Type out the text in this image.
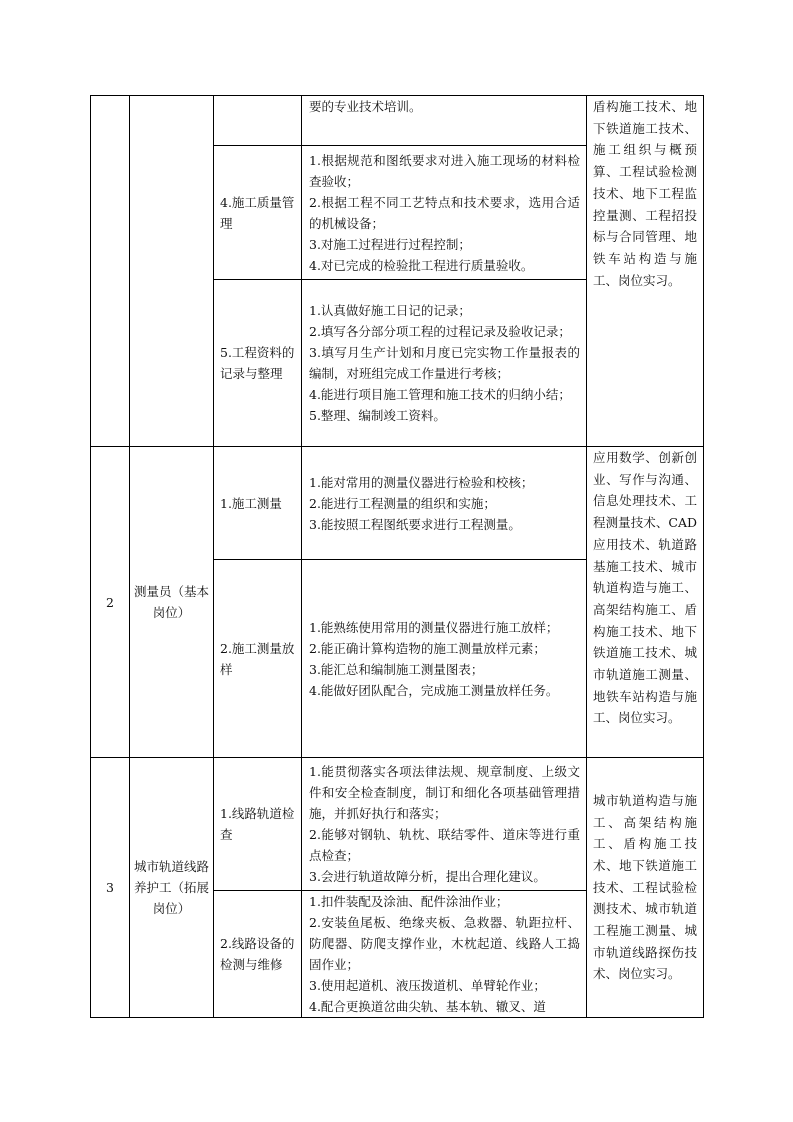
			要的专业技术培训。	盾构施工技术、地下铁道施工技术、施工组织与概预算、工程试验检测技术、地下工程监控量测、工程招投标与合同管理、地铁车站构造与施工、岗位实习。
		4.施工质量管理	1.根据规范和图纸要求对进入施工现场的材料检查验收；
2.根据工程不同工艺特点和技术要求，选用合适的机械设备；
3.对施工过程进行过程控制；
4.对已完成的检验批工程进行质量验收。	

		5.工程资料的记录与整理	1.认真做好施工日记的记录；
2.填写各分部分项工程的过程记录及验收记录；
3.填写月生产计划和月度已完实物工作量报表的编制，对班组完成工作量进行考核；
4.能进行项目施工管理和施工技术的归纳小结；
5.整理、编制竣工资料。	

2	测量员（基本岗位）	1.施工测量	1.能对常用的测量仪器进行检验和校核；
2.能进行工程测量的组织和实施；
3.能按照工程图纸要求进行工程测量。	应用数学、创新创业、写作与沟通、信息处理技术、工程测量技术、CAD应用技术、轨道路基施工技术、城市轨道构造与施工、高架结构施工、盾构施工技术、地下铁道施工技术、城市轨道施工测量、地铁车站构造与施工、岗位实习。
		2.施工测量放样	1.能熟练使用常用的测量仪器进行施工放样；
2.能正确计算构造物的施工测量放样元素；
3.能汇总和编制施工测量图表；
4.能做好团队配合，完成施工测量放样任务。	

3	城市轨道线路养护工（拓展岗位）	1.线路轨道检查	1.能贯彻落实各项法律法规、规章制度、上级文件和安全检查制度，制订和细化各项基础管理措施，并抓好执行和落实；
2.能够对钢轨、轨枕、联结零件、道床等进行重点检查；
3.会进行轨道故障分析，提出合理化建议。	城市轨道构造与施工、高架结构施工、盾构施工技术、地下铁道施工技术、工程试验检测技术、城市轨道工程施工测量、城市轨道线路探伤技术、岗位实习。
		2.线路设备的检测与维修	1.扣件装配及涂油、配件涂油作业；
2.安装鱼尾板、绝缘夹板、急救器、轨距拉杆、防爬器、防爬支撑作业，木枕起道、线路人工捣固作业；
3.使用起道机、液压拨道机、单臂轮作业；
4.配合更换道岔曲尖轨、基本轨、辙叉、道	
